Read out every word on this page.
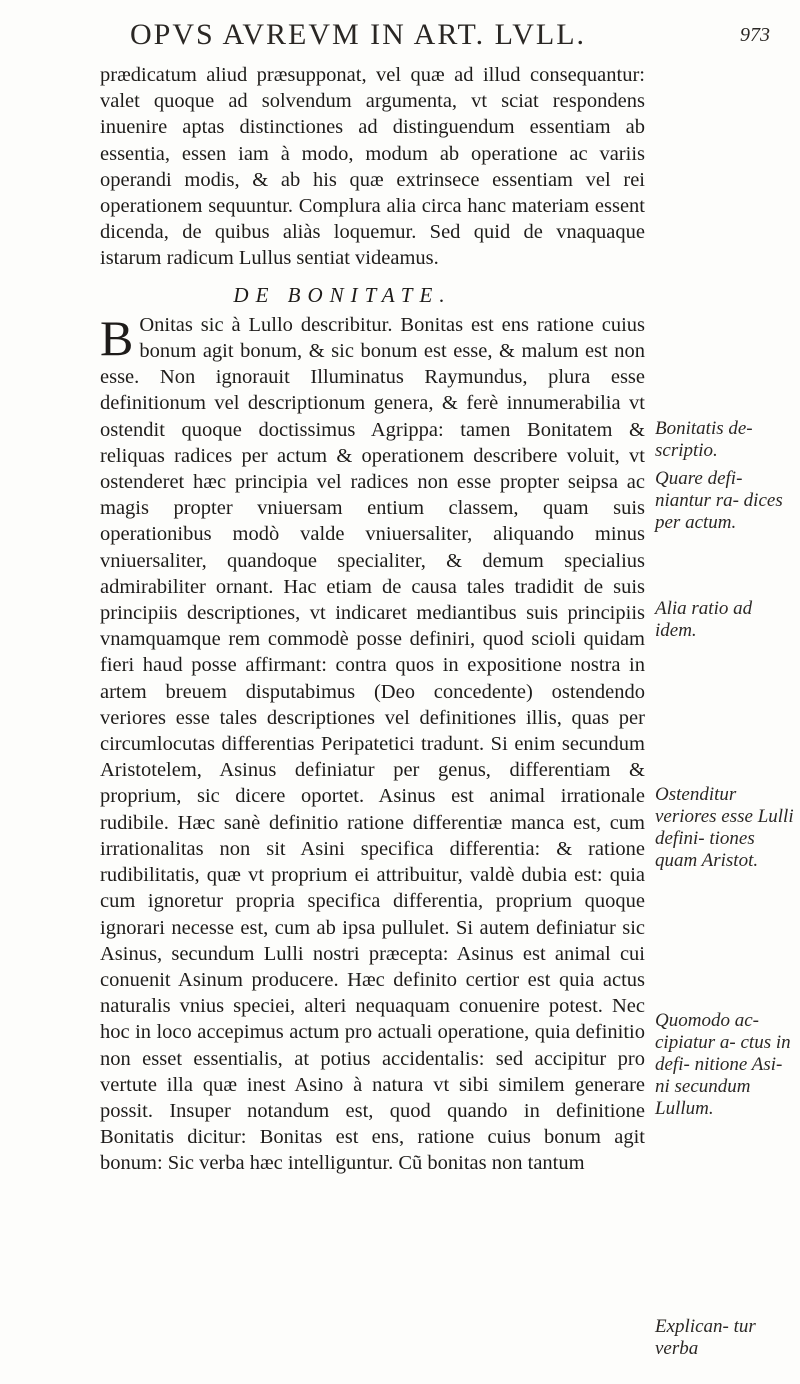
OPVS AVREVM IN ART. LVLL.	973

prædicatum aliud præsupponat, vel quæ ad illud consequantur: valet quoque ad solvendum argumenta, vt sciat respondens inuenire aptas distinctiones ad distinguendum essentiam ab essentia, essen iam à modo, modum ab operatione ac variis operandi modis, & ab his quæ extrinsece essentiam vel rei operationem sequuntur. Complura alia circa hanc materiam essent dicenda, de quibus aliàs loquemur. Sed quid de vnaquaque istarum radicum Lullus sentiat videamus.

DE BONITATE.

B Onitas sic à Lullo describitur. Bonitas est ens ratione cuius bonum agit bonum, & sic bonum est esse, & malum est non esse. Non ignorauit Illuminatus Raymundus, plura esse definitionum vel descriptionum genera, & ferè innumerabilia vt ostendit quoque doctissimus Agrippa: tamen Bonitatem & reliquas radices per actum & operationem describere voluit, vt ostenderet hæc principia vel radices non esse propter seipsa ac magis propter vniuersam entium classem, quam suis operationibus modò valde vniuersaliter, aliquando minus vniuersaliter, quandoque specialiter, & demum specialius admirabiliter ornant. Hac etiam de causa tales tradidit de suis principiis descriptiones, vt indicaret mediantibus suis principiis vnamquamque rem commodè posse definiri, quod scioli quidam fieri haud posse affirmant: contra quos in expositione nostra in artem breuem disputabimus (Deo concedente) ostendendo veriores esse tales descriptiones vel definitiones illis, quas per circumlocutas differentias Peripatetici tradunt. Si enim secundum Aristotelem, Asinus definiatur per genus, differentiam & proprium, sic dicere oportet. Asinus est animal irrationale rudibile. Hæc sanè definitio ratione differentiæ manca est, cum irrationalitas non sit Asini specifica differentia: & ratione rudibilitatis, quæ vt proprium ei attribuitur, valdè dubia est: quia cum ignoretur propria specifica differentia, proprium quoque ignorari necesse est, cum ab ipsa pullulet. Si autem definiatur sic Asinus, secundum Lulli nostri præcepta: Asinus est animal cui conuenit Asinum producere. Hæc definito certior est quia actus naturalis vnius speciei, alteri nequaquam conuenire potest. Nec hoc in loco accepimus actum pro actuali operatione, quia definitio non esset essentialis, at potius accidentalis: sed accipitur pro vertute illa quæ inest Asino à natura vt sibi similem generare possit. Insuper notandum est, quod quando in definitione Bonitatis dicitur: Bonitas est ens, ratione cuius bonum agit bonum: Sic verba hæc intelliguntur. Cũ bonitas non tantum

Bonitatis de- scriptio.
Quare defi- niantur ra- dices per actum.
Alia ratio ad idem.
Ostenditur veriores esse Lulli defini- tiones quam Aristot.
Quomodo ac- cipiatur a- ctus in defi- nitione Asi- ni secundum Lullum.
Explican- tur verba
